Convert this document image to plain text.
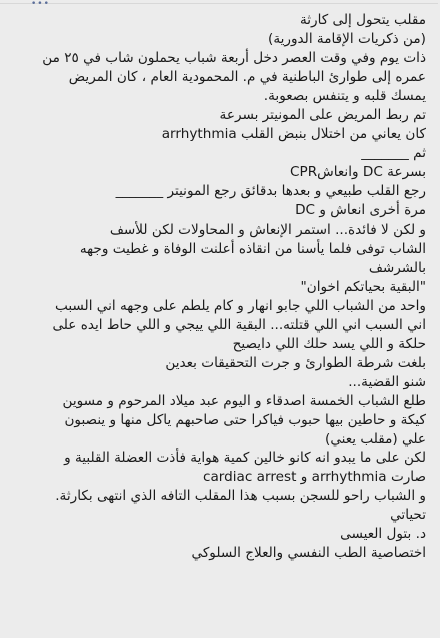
•••
مقلب يتحول إلى كارثة
(من ذكريات الإقامة الدورية)
ذات يوم وفي وقت العصر دخل أربعة شباب يحملون شاب في ٢٥ من
عمره إلى طوارئ الباطنية في م. المحمودية العام ، كان المريض
يمسك قلبه و يتنفس بصعوبة.
تم ربط المريض على المونيتر بسرعة
كان يعاني من اختلال بنبض القلب arrhythmia
ثم _______
بسرعة DC وانعاشCPR
رجع القلب طبيعي و بعدها بدقائق رجع المونيتر _______
مرة أخرى انعاش و DC
و لكن لا فائدة... استمر الإنعاش و المحاولات لكن للأسف
الشاب توفى فلما يأسنا من انقاذه أعلنت الوفاة و غطيت وجهه
بالشرشف
"البقية بحياتكم اخوان"
واحد من الشباب اللي جابو انهار و كام يلطم على وجهه اني السبب
اني السبب اني اللي قتلته... البقية اللي ييجي و اللي حاط ايده على
حلكة و اللي يسد حلك اللي دايصيح
بلغت شرطة الطوارئ و جرت التحقيقات بعدين
شنو القضية...
طلع الشباب الخمسة اصدقاء و اليوم عبد ميلاد المرحوم و مسوين
كيكة و حاطين بيها حبوب فياكرا حتى صاحبهم ياكل منها و ينصبون
علي (مقلب يعني)
لكن على ما يبدو انه كانو خالين كمية هواية فأذت العضلة القلبية و
صارت arrhythmia و cardiac arrest
و الشباب راحو للسجن بسبب هذا المقلب التافه الذي انتهى بكارثة.
تحياتي
د. بتول العيسى
اختصاصية الطب النفسي والعلاج السلوكي
